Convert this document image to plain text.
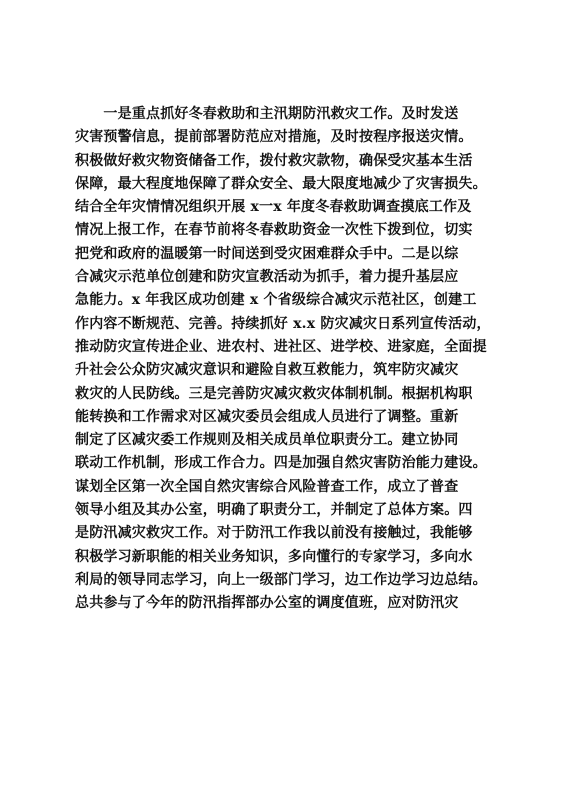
　　一是重点抓好冬春救助和主汛期防汛救灾工作。及时发送
灾害预警信息，提前部署防范应对措施，及时按程序报送灾情。
积极做好救灾物资储备工作，拨付救灾款物，确保受灾基本生活
保障，最大程度地保障了群众安全、最大限度地减少了灾害损失。
结合全年灾情情况组织开展 x一x 年度冬春救助调查摸底工作及
情况上报工作，在春节前将冬春救助资金一次性下拨到位，切实
把党和政府的温暖第一时间送到受灾困难群众手中。二是以综
合减灾示范单位创建和防灾宣教活动为抓手，着力提升基层应
急能力。x 年我区成功创建 x 个省级综合减灾示范社区，创建工
作内容不断规范、完善。持续抓好 x.x 防灾减灾日系列宣传活动，
推动防灾宣传进企业、进农村、进社区、进学校、进家庭，全面提
升社会公众防灾减灾意识和避险自救互救能力，筑牢防灾减灾
救灾的人民防线。三是完善防灾减灾救灾体制机制。根据机构职
能转换和工作需求对区减灾委员会组成人员进行了调整。重新
制定了区减灾委工作规则及相关成员单位职责分工。建立协同
联动工作机制，形成工作合力。四是加强自然灾害防治能力建设。
谋划全区第一次全国自然灾害综合风险普查工作，成立了普查
领导小组及其办公室，明确了职责分工，并制定了总体方案。四
是防汛减灾救灾工作。对于防汛工作我以前没有接触过，我能够
积极学习新职能的相关业务知识，多向懂行的专家学习，多向水
利局的领导同志学习，向上一级部门学习，边工作边学习边总结。
总共参与了今年的防汛指挥部办公室的调度值班，应对防汛灾
